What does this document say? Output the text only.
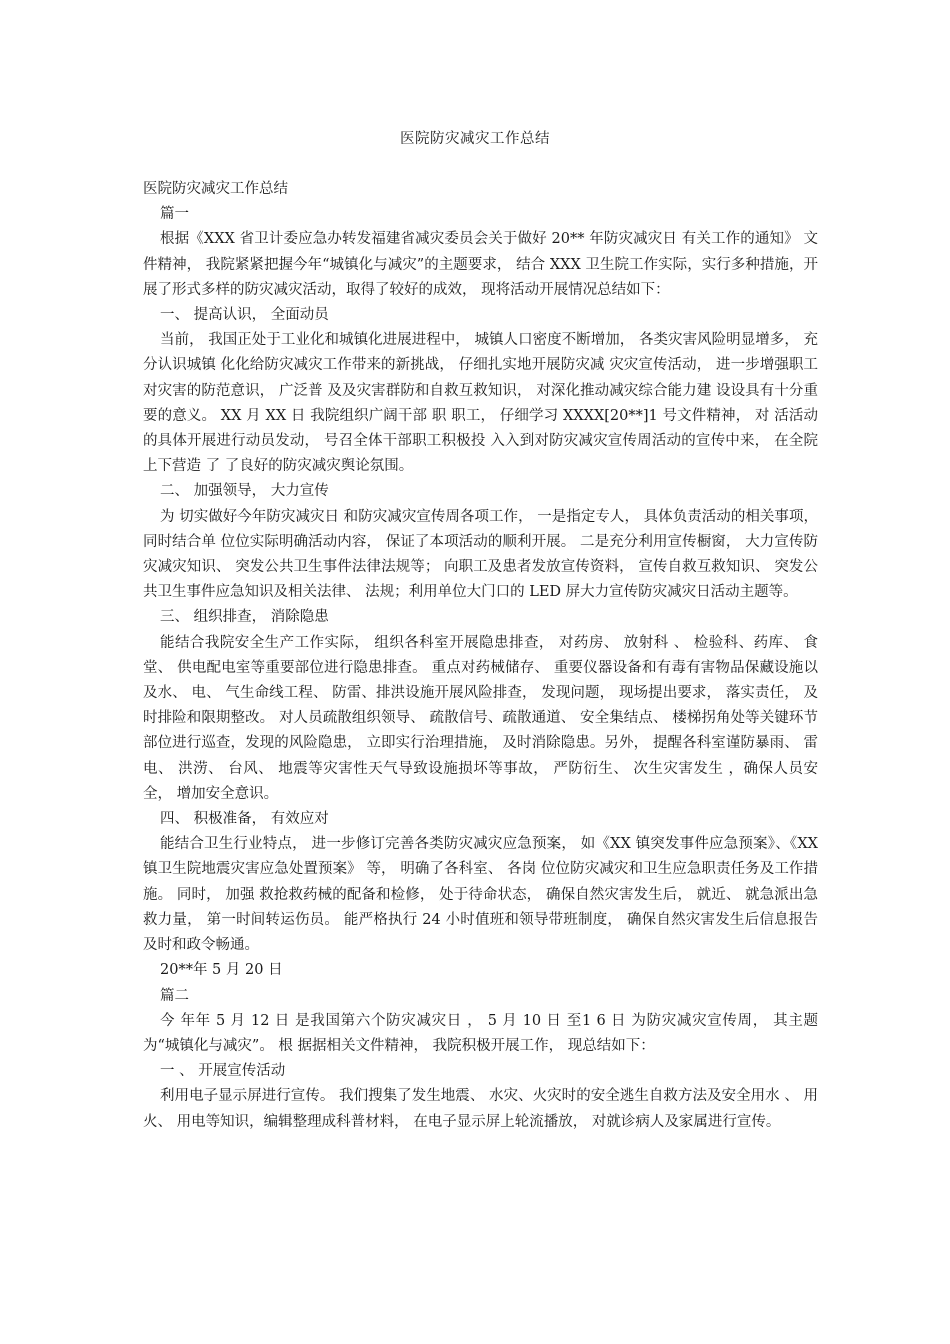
医院防灾减灾工作总结

医院防灾减灾工作总结

篇一

根据《XXX 省卫计委应急办转发福建省减灾委员会关于做好 20** 年防灾减灾日 有关工作的通知》 文件精神， 我院紧紧把握今年“城镇化与减灾”的主题要求， 结合 XXX 卫生院工作实际，实行多种措施，开展了形式多样的防灾减灾活动，取得了较好的成效， 现将活动开展情况总结如下：

一、 提高认识， 全面动员

当前， 我国正处于工业化和城镇化进展进程中， 城镇人口密度不断增加， 各类灾害风险明显增多， 充分认识城镇 化化给防灾减灾工作带来的新挑战， 仔细扎实地开展防灾减 灾灾宣传活动， 进一步增强职工对灾害的防范意识， 广泛普 及及灾害群防和自救互救知识， 对深化推动减灾综合能力建 设设具有十分重要的意义。 XX 月 XX 日 我院组织广阔干部 职 职工， 仔细学习 XXXX[20**]1 号文件精神， 对 活活动的具体开展进行动员发动， 号召全体干部职工积极投 入入到对防灾减灾宣传周活动的宣传中来， 在全院上下营造 了 了良好的防灾减灾舆论氛围。

二、 加强领导， 大力宣传

为 切实做好今年防灾减灾日 和防灾减灾宣传周各项工作， 一是指定专人， 具体负责活动的相关事项， 同时结合单 位位实际明确活动内容， 保证了本项活动的顺利开展。 二是充分利用宣传橱窗， 大力宣传防灾减灾知识、 突发公共卫生事件法律法规等； 向职工及患者发放宣传资料， 宣传自救互救知识、 突发公共卫生事件应急知识及相关法律、 法规；利用单位大门口的 LED 屏大力宣传防灾减灾日活动主题等。

三、 组织排查， 消除隐患

能结合我院安全生产工作实际， 组织各科室开展隐患排查， 对药房、 放射科 、 检验科、药库、 食堂、 供电配电室等重要部位进行隐患排查。 重点对药械储存、 重要仪器设备和有毒有害物品保藏设施以及水、 电、 气生命线工程、 防雷、排洪设施开展风险排查， 发现问题， 现场提出要求， 落实责任， 及时排险和限期整改。 对人员疏散组织领导、 疏散信号、疏散通道、 安全集结点、 楼梯拐角处等关键环节部位进行巡查，发现的风险隐患， 立即实行治理措施， 及时消除隐患。另外， 提醒各科室谨防暴雨、 雷电、 洪涝、 台风、 地震等灾害性天气导致设施损坏等事故， 严防衍生、 次生灾害发生 ，确保人员安全， 增加安全意识。

四、 积极准备， 有效应对

能结合卫生行业特点， 进一步修订完善各类防灾减灾应急预案， 如《XX 镇突发事件应急预案》、《XX 镇卫生院地震灾害应急处置预案》 等， 明确了各科室、 各岗 位位防灾减灾和卫生应急职责任务及工作措施。 同时， 加强 救抢救药械的配备和检修， 处于待命状态， 确保自然灾害发生后， 就近、 就急派出急救力量， 第一时间转运伤员。 能严格执行 24 小时值班和领导带班制度， 确保自然灾害发生后信息报告及时和政令畅通。

20**年 5 月 20 日

篇二

今 年年 5 月 12 日 是我国第六个防灾减灾日 ， 5 月 10 日 至1 6 日 为防灾减灾宣传周， 其主题为“城镇化与减灾”。 根 据据相关文件精神， 我院积极开展工作， 现总结如下：

一 、 开展宣传活动

利用电子显示屏进行宣传。 我们搜集了发生地震、 水灾、火灾时的安全逃生自救方法及安全用水 、 用火、 用电等知识，编辑整理成科普材料， 在电子显示屏上轮流播放， 对就诊病人及家属进行宣传。
